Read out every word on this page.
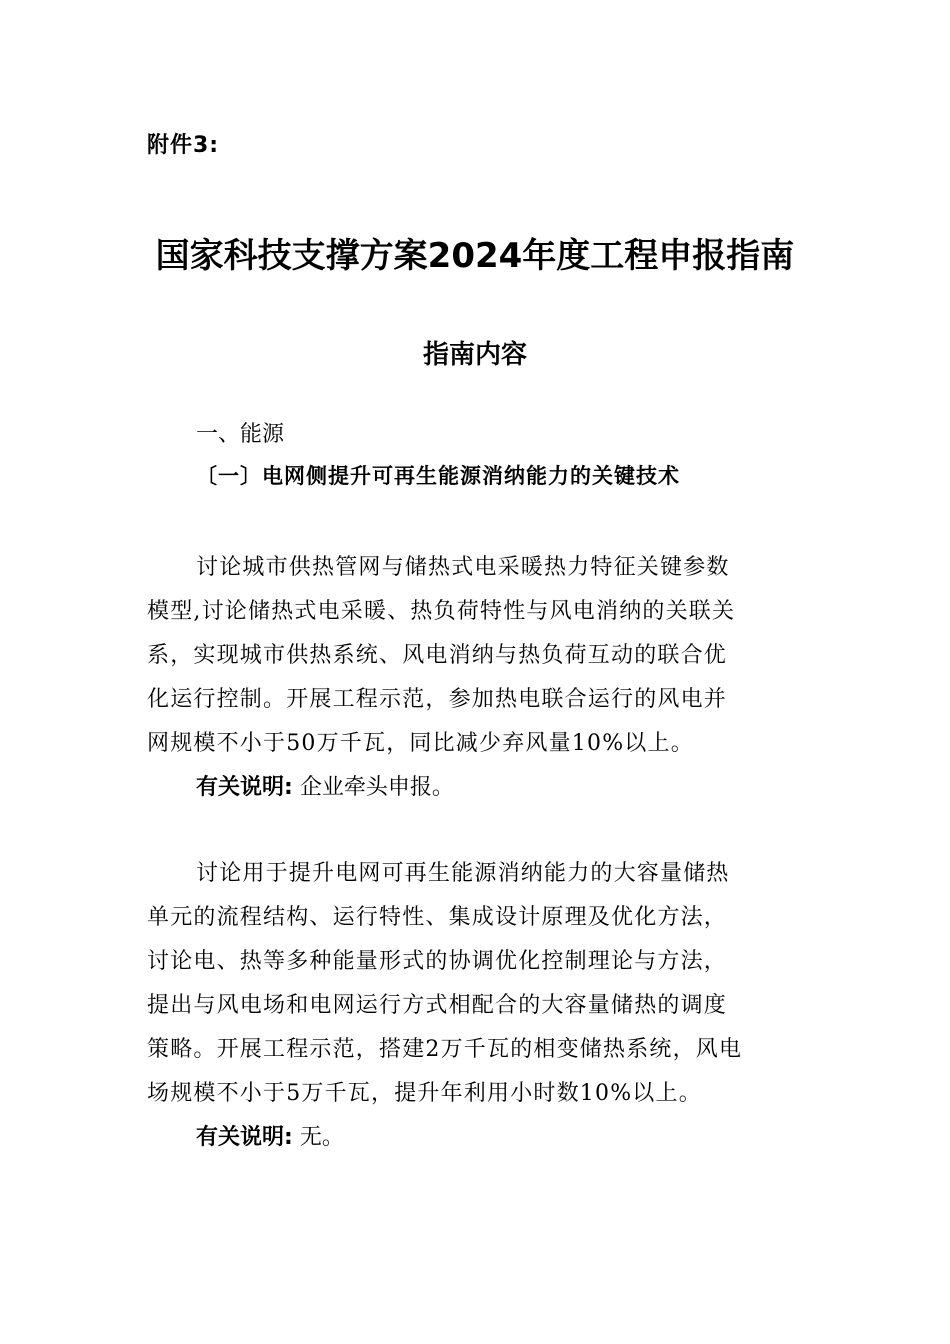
附件3:
国家科技支撑方案2024年度工程申报指南
指南内容
一、能源
〔一〕电网侧提升可再生能源消纳能力的关键技术
讨论城市供热管网与储热式电采暖热力特征关键参数
模型,讨论储热式电采暖、热负荷特性与风电消纳的关联关
系，实现城市供热系统、风电消纳与热负荷互动的联合优
化运行控制。开展工程示范，参加热电联合运行的风电并
网规模不小于50万千瓦，同比减少弃风量10%以上。
有关说明: 企业牵头申报。
讨论用于提升电网可再生能源消纳能力的大容量储热
单元的流程结构、运行特性、集成设计原理及优化方法，
讨论电、热等多种能量形式的协调优化控制理论与方法，
提出与风电场和电网运行方式相配合的大容量储热的调度
策略。开展工程示范，搭建2万千瓦的相变储热系统，风电
场规模不小于5万千瓦，提升年利用小时数10%以上。
有关说明: 无。
